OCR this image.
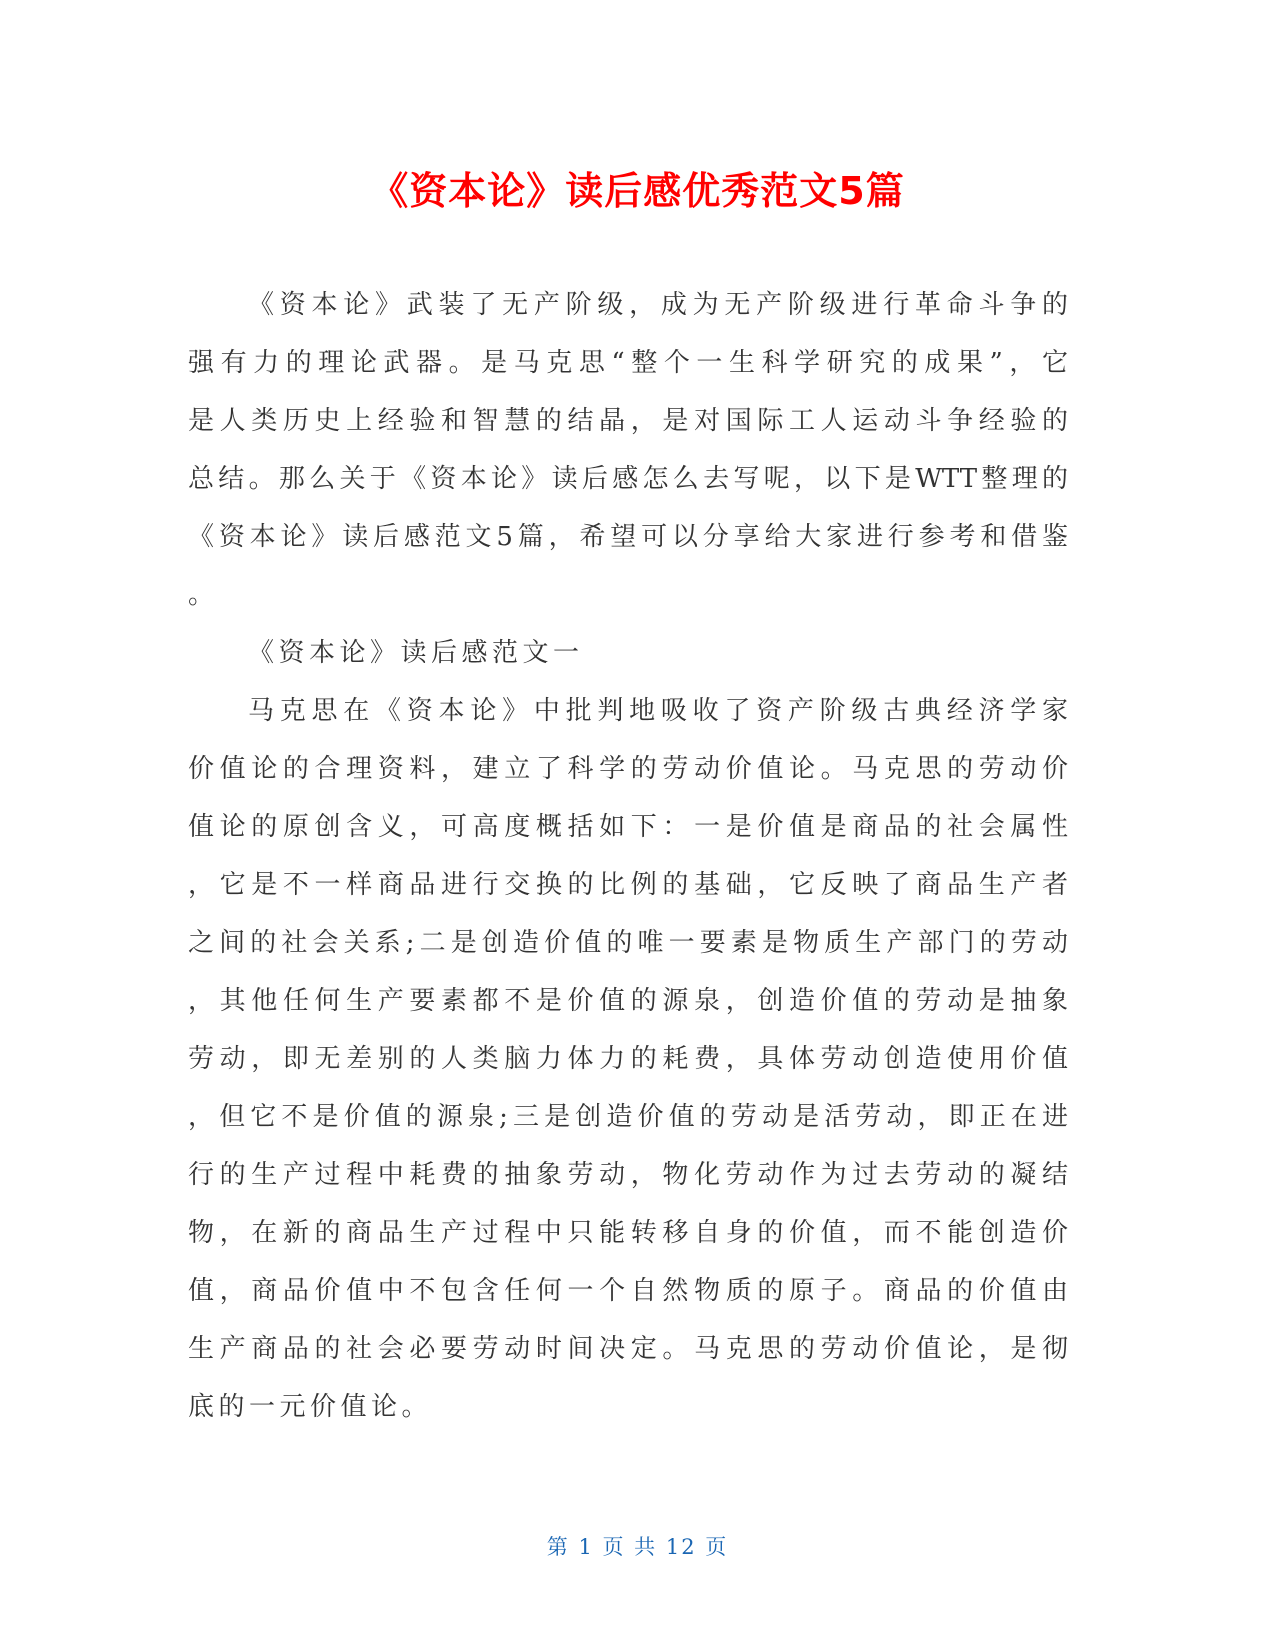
《资本论》读后感优秀范文5篇
《资本论》武装了无产阶级，成为无产阶级进行革命斗争的
强有力的理论武器。是马克思“整个一生科学研究的成果”，它
是人类历史上经验和智慧的结晶，是对国际工人运动斗争经验的
总结。那么关于《资本论》读后感怎么去写呢，以下是WTT整理的
《资本论》读后感范文5篇，希望可以分享给大家进行参考和借鉴
。
《资本论》读后感范文一
马克思在《资本论》中批判地吸收了资产阶级古典经济学家
价值论的合理资料，建立了科学的劳动价值论。马克思的劳动价
值论的原创含义，可高度概括如下：一是价值是商品的社会属性
，它是不一样商品进行交换的比例的基础，它反映了商品生产者
之间的社会关系;二是创造价值的唯一要素是物质生产部门的劳动
，其他任何生产要素都不是价值的源泉，创造价值的劳动是抽象
劳动，即无差别的人类脑力体力的耗费，具体劳动创造使用价值
，但它不是价值的源泉;三是创造价值的劳动是活劳动，即正在进
行的生产过程中耗费的抽象劳动，物化劳动作为过去劳动的凝结
物，在新的商品生产过程中只能转移自身的价值，而不能创造价
值，商品价值中不包含任何一个自然物质的原子。商品的价值由
生产商品的社会必要劳动时间决定。马克思的劳动价值论，是彻
底的一元价值论。
第 1 页 共 12 页
